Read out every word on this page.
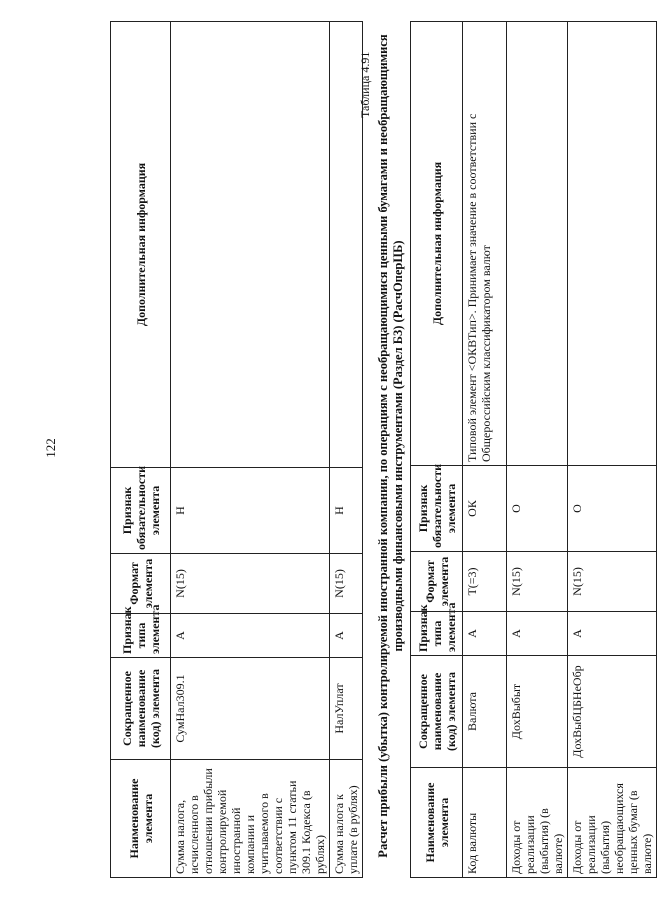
122
Наименование элемента	Сокращенное наименование (код) элемента	Признак типа элемента	Формат элемента	Признак обязательности элемента	Дополнительная информация
Сумма налога, исчисленного в отношении прибыли контролируемой иностранной компании и учитываемого в соответствии с пунктом 11 статьи 309.1 Кодекса (в рублях)	СумНал309.1	А	N(15)	Н	
Сумма налога к уплате (в рублях)	НалУплат	А	N(15)	Н	
Таблица 4.91 Расчет прибыли (убытка) контролируемой иностранной компании, по операциям с необращающимися ценными бумагами и необращающимися производными финансовыми инструментами (Раздел Б3) (РасчОперЦБ)
Наименование элемента	Сокращенное наименование (код) элемента	Признак типа элемента	Формат элемента	Признак обязательности элемента	Дополнительная информация
Код валюты	Валюта	А	T(=3)	ОК	Типовой элемент <ОКВТип>. Принимает значение в соответствии с Общероссийским классификатором валют
Доходы от реализации (выбытия) (в валюте)	ДохВыбыт	А	N(15)	О	
Доходы от реализации (выбытия) необращающихся ценных бумаг (в валюте)	ДохВыбЦБНеОбр	А	N(15)	О	
